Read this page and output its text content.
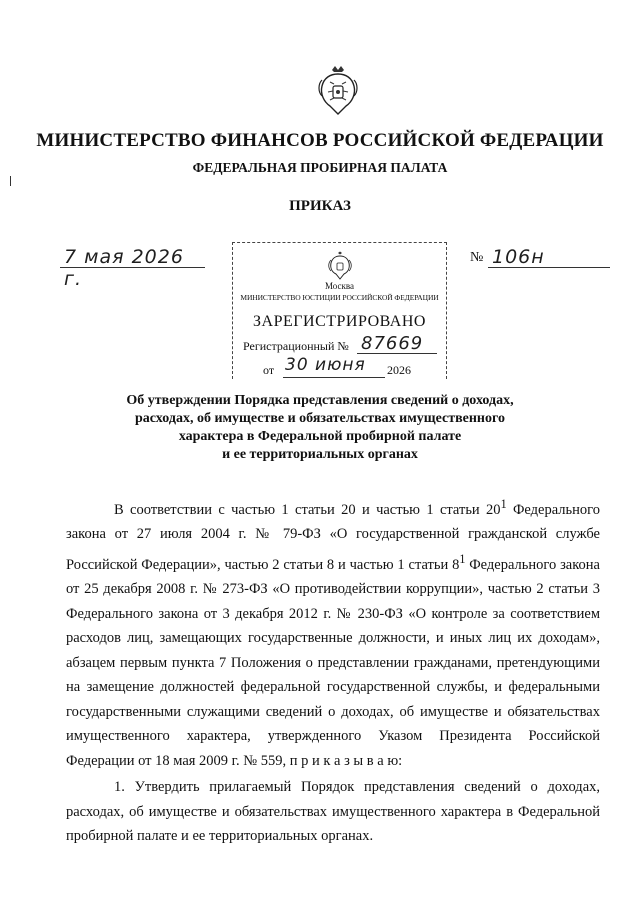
МИНИСТЕРСТВО ФИНАНСОВ РОССИЙСКОЙ ФЕДЕРАЦИИ
ФЕДЕРАЛЬНАЯ ПРОБИРНАЯ ПАЛАТА
ПРИКАЗ
7 мая 2026 г.
№ 106н
Москва
МИНИСТЕРСТВО ЮСТИЦИИ РОССИЙСКОЙ ФЕДЕРАЦИИ
ЗАРЕГИСТРИРОВАНО
Регистрационный № 87669
от 30 июня 2026
Об утверждении Порядка представления сведений о доходах,
расходах, об имуществе и обязательствах имущественного
характера в Федеральной пробирной палате
и ее территориальных органах

В соответствии с частью 1 статьи 20 и частью 1 статьи $20^1$ Федерального закона от 27 июля 2004 г. № 79-ФЗ «О государственной гражданской службе Российской Федерации», частью 2 статьи 8 и частью 1 статьи $8^1$ Федерального закона от 25 декабря 2008 г. № 273-ФЗ «О противодействии коррупции», частью 2 статьи 3 Федерального закона от 3 декабря 2012 г. № 230-ФЗ «О контроле за соответствием расходов лиц, замещающих государственные должности, и иных лиц их доходам», абзацем первым пункта 7 Положения о представлении гражданами, претендующими на замещение должностей федеральной государственной службы, и федеральными государственными служащими сведений о доходах, об имуществе и обязательствах имущественного характера, утвержденного Указом Президента Российской Федерации от 18 мая 2009 г. № 559, п р и к а з ы в а ю:

1. Утвердить прилагаемый Порядок представления сведений о доходах, расходах, об имуществе и обязательствах имущественного характера в Федеральной пробирной палате и ее территориальных органах.
